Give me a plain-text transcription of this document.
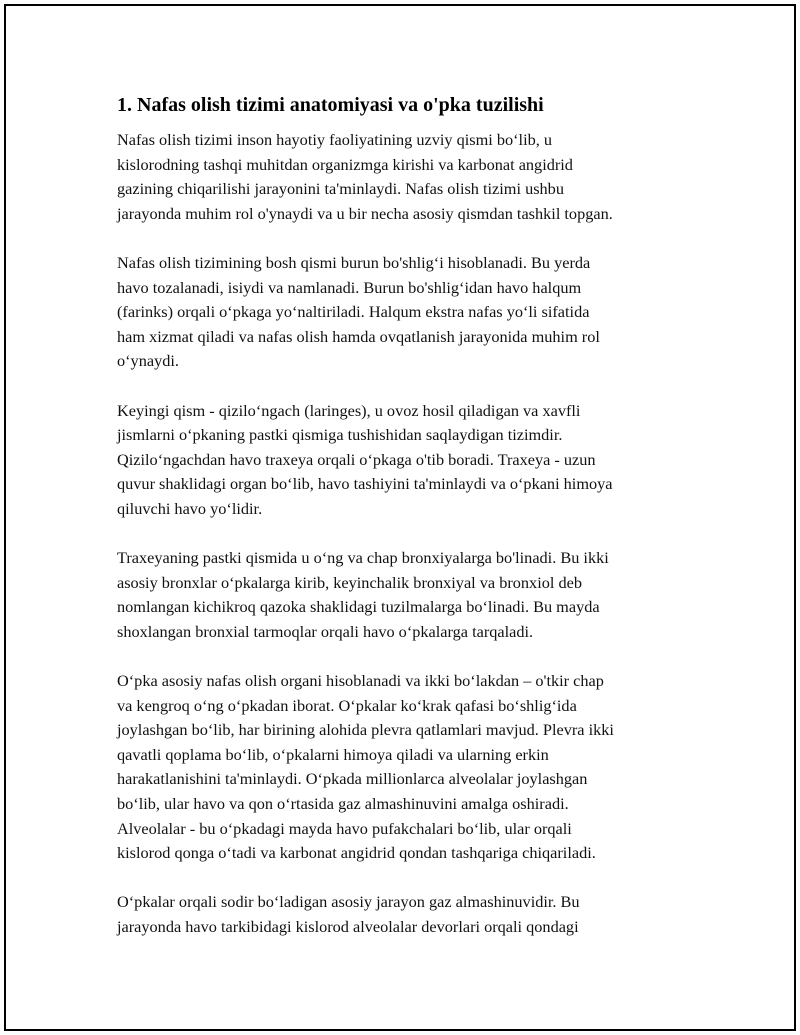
1. Nafas olish tizimi anatomiyasi va o'pka tuzilishi
Nafas olish tizimi inson hayotiy faoliyatining uzviy qismi bo‘lib, u
kislorodning tashqi muhitdan organizmga kirishi va karbonat angidrid
gazining chiqarilishi jarayonini ta'minlaydi. Nafas olish tizimi ushbu
jarayonda muhim rol o'ynaydi va u bir necha asosiy qismdan tashkil topgan.
Nafas olish tizimining bosh qismi burun bo'shlig‘i hisoblanadi. Bu yerda
havo tozalanadi, isiydi va namlanadi. Burun bo'shlig‘idan havo halqum
(farinks) orqali o‘pkaga yo‘naltiriladi. Halqum ekstra nafas yo‘li sifatida
ham xizmat qiladi va nafas olish hamda ovqatlanish jarayonida muhim rol
o‘ynaydi.
Keyingi qism - qizilo‘ngach (laringes), u ovoz hosil qiladigan va xavfli
jismlarni o‘pkaning pastki qismiga tushishidan saqlaydigan tizimdir.
Qizilo‘ngachdan havo traxeya orqali o‘pkaga o'tib boradi. Traxeya - uzun
quvur shaklidagi organ bo‘lib, havo tashiyini ta'minlaydi va o‘pkani himoya
qiluvchi havo yo‘lidir.
Traxeyaning pastki qismida u o‘ng va chap bronxiyalarga bo'linadi. Bu ikki
asosiy bronxlar o‘pkalarga kirib, keyinchalik bronxiyal va bronxiol deb
nomlangan kichikroq qazoka shaklidagi tuzilmalarga bo‘linadi. Bu mayda
shoxlangan bronxial tarmoqlar orqali havo o‘pkalarga tarqaladi.
O‘pka asosiy nafas olish organi hisoblanadi va ikki bo‘lakdan – o'tkir chap
va kengroq o‘ng o‘pkadan iborat. O‘pkalar ko‘krak qafasi bo‘shlig‘ida
joylashgan bo‘lib, har birining alohida plevra qatlamlari mavjud. Plevra ikki
qavatli qoplama bo‘lib, o‘pkalarni himoya qiladi va ularning erkin
harakatlanishini ta'minlaydi. O‘pkada millionlarca alveolalar joylashgan
bo‘lib, ular havo va qon o‘rtasida gaz almashinuvini amalga oshiradi.
Alveolalar - bu o‘pkadagi mayda havo pufakchalari bo‘lib, ular orqali
kislorod qonga o‘tadi va karbonat angidrid qondan tashqariga chiqariladi.
O‘pkalar orqali sodir bo‘ladigan asosiy jarayon gaz almashinuvidir. Bu
jarayonda havo tarkibidagi kislorod alveolalar devorlari orqali qondagi
